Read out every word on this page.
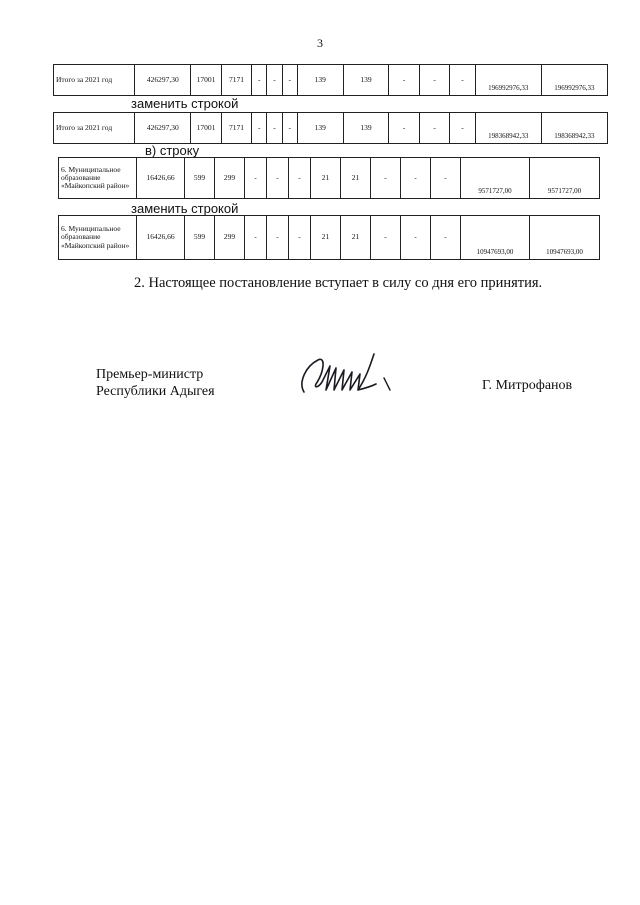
3
Итого за 2021 год	426297,30	17001	7171	-	-	-	139	139	-	-	-	196992976,33	196992976,33
заменить строкой
Итого за 2021 год	426297,30	17001	7171	-	-	-	139	139	-	-	-	198368942,33	198368942,33
в) строку
6. Муниципальное образование «Майкопский район»	16426,66	599	299	-	-	-	21	21	-	-	-	9571727,00	9571727,00
заменить строкой
6. Муниципальное образование «Майкопский район»	16426,66	599	299	-	-	-	21	21	-	-	-	10947693,00	10947693,00
2. Настоящее постановление вступает в силу со дня его принятия.
Премьер-министр
Республики Адыгея	Г. Митрофанов
